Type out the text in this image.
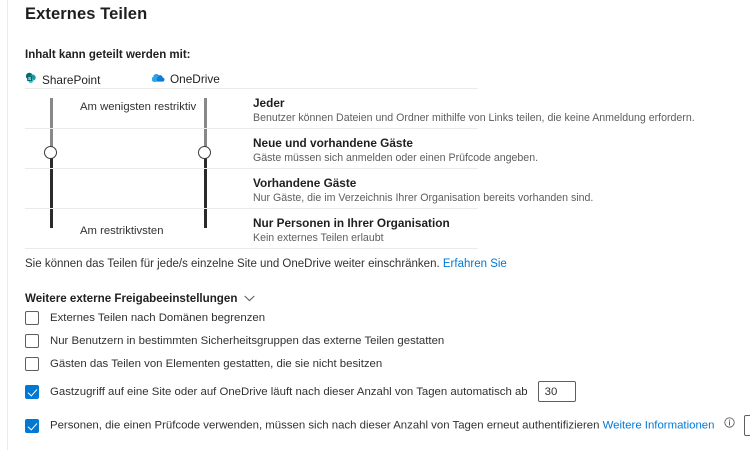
Externes Teilen
Inhalt kann geteilt werden mit:
S SharePoint	OneDrive
Jeder
Benutzer können Dateien und Ordner mithilfe von Links teilen, die keine Anmeldung erfordern.
Neue und vorhandene Gäste
Gäste müssen sich anmelden oder einen Prüfcode angeben.
Vorhandene Gäste
Nur Gäste, die im Verzeichnis Ihrer Organisation bereits vorhanden sind.
Nur Personen in Ihrer Organisation
Kein externes Teilen erlaubt
Am wenigsten restriktiv
Am restriktivsten
Sie können das Teilen für jede/s einzelne Site und OneDrive weiter einschränken. Erfahren Sie
Weitere externe Freigabeeinstellungen
Externes Teilen nach Domänen begrenzen
Nur Benutzern in bestimmten Sicherheitsgruppen das externe Teilen gestatten
Gästen das Teilen von Elementen gestatten, die sie nicht besitzen
Gastzugriff auf eine Site oder auf OneDrive läuft nach dieser Anzahl von Tagen automatisch ab
30
Personen, die einen Prüfcode verwenden, müssen sich nach dieser Anzahl von Tagen erneut authentifizieren Weitere Informationen
10
